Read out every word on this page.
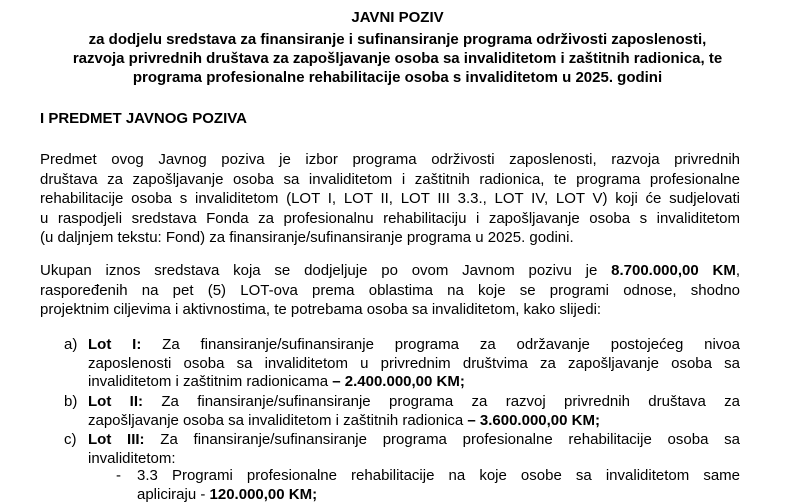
JAVNI POZIV
za dodjelu sredstava za finansiranje i sufinansiranje programa održivosti zaposlenosti,
razvoja privrednih društava za zapošljavanje osoba sa invaliditetom i zaštitnih radionica, te
programa profesionalne rehabilitacije osoba s invaliditetom u 2025. godini
I PREDMET JAVNOG POZIVA
Predmet ovog Javnog poziva je izbor programa održivosti zaposlenosti, razvoja privrednih
društava za zapošljavanje osoba sa invaliditetom i zaštitnih radionica, te programa profesionalne
rehabilitacije osoba s invaliditetom (LOT I, LOT II, LOT III 3.3., LOT IV, LOT V) koji će sudjelovati
u raspodjeli sredstava Fonda za profesionalnu rehabilitaciju i zapošljavanje osoba s invaliditetom
(u daljnjem tekstu: Fond) za finansiranje/sufinansiranje programa u 2025. godini.
Ukupan iznos sredstava koja se dodjeljuje po ovom Javnom pozivu je 8.700.000,00 KM,
raspoređenih na pet (5) LOT-ova prema oblastima na koje se programi odnose, shodno
projektnim ciljevima i aktivnostima, te potrebama osoba sa invaliditetom, kako slijedi:
a) Lot I: Za finansiranje/sufinansiranje programa za održavanje postojećeg nivoa
zaposlenosti osoba sa invaliditetom u privrednim društvima za zapošljavanje osoba sa
invaliditetom i zaštitnim radionicama – 2.400.000,00 KM;
b) Lot II: Za finansiranje/sufinansiranje programa za razvoj privrednih društava za
zapošljavanje osoba sa invaliditetom i zaštitnih radionica – 3.600.000,00 KM;
c) Lot III: Za finansiranje/sufinansiranje programa profesionalne rehabilitacije osoba sa
invaliditetom:
- 3.3 Programi profesionalne rehabilitacije na koje osobe sa invaliditetom same
apliciraju - 120.000,00 KM;
